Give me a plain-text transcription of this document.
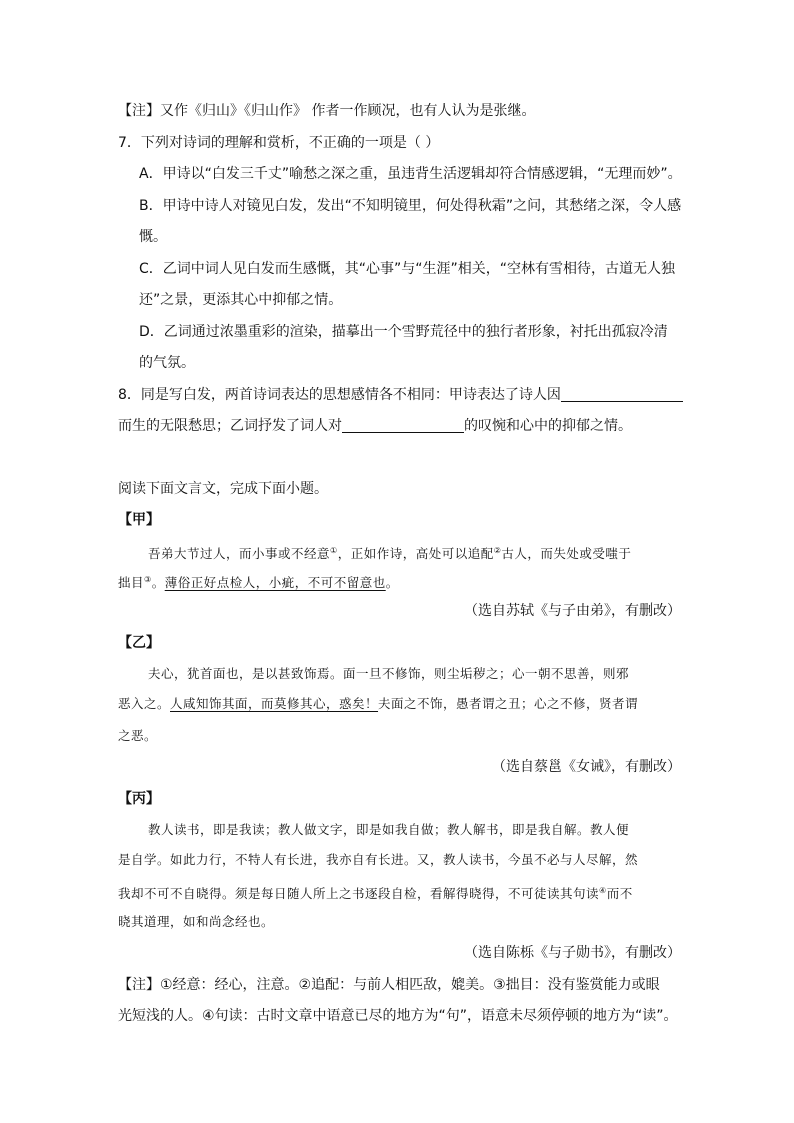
【注】又作《归山》《归山作》 作者一作顾况，也有人认为是张继。
7．下列对诗词的理解和赏析，不正确的一项是（ ）
A．甲诗以“白发三千丈”喻愁之深之重，虽违背生活逻辑却符合情感逻辑，“无理而妙”。
B．甲诗中诗人对镜见白发，发出“不知明镜里，何处得秋霜”之问，其愁绪之深，令人感
慨。
C．乙词中词人见白发而生感慨，其“心事”与“生涯”相关，“空林有雪相待，古道无人独
还”之景，更添其心中抑郁之情。
D．乙词通过浓墨重彩的渲染，描摹出一个雪野荒径中的独行者形象，衬托出孤寂冷清
的气氛。
8．同是写白发，两首诗词表达的思想感情各不相同：甲诗表达了诗人因
而生的无限愁思；乙词抒发了词人对	的叹惋和心中的抑郁之情。
阅读下面文言文，完成下面小题。
【甲】
吾弟大节过人，而小事或不经意①，正如作诗，高处可以追配②古人，而失处或受嗤于
拙目③。薄俗正好点检人，小疵，不可不留意也。
（选自苏轼《与子由弟》，有删改）
【乙】
夫心，犹首面也，是以甚致饰焉。面一旦不修饰，则尘垢秽之；心一朝不思善，则邪
恶入之。人咸知饰其面，而莫修其心，惑矣！夫面之不饰，愚者谓之丑；心之不修，贤者谓
之恶。
（选自蔡邕《女诫》，有删改）
【丙】
教人读书，即是我读；教人做文字，即是如我自做；教人解书，即是我自解。教人便
是自学。如此力行，不特人有长进，我亦自有长进。又，教人读书，今虽不必与人尽解，然
我却不可不自晓得。须是每日随人所上之书逐段自检，看解得晓得，不可徒读其句读④而不
晓其道理，如和尚念经也。
（选自陈栎《与子勋书》，有删改）
【注】①经意：经心，注意。②追配：与前人相匹敌，媲美。③拙目：没有鉴赏能力或眼
光短浅的人。④句读：古时文章中语意已尽的地方为“句”，语意未尽须停顿的地方为“读”。
